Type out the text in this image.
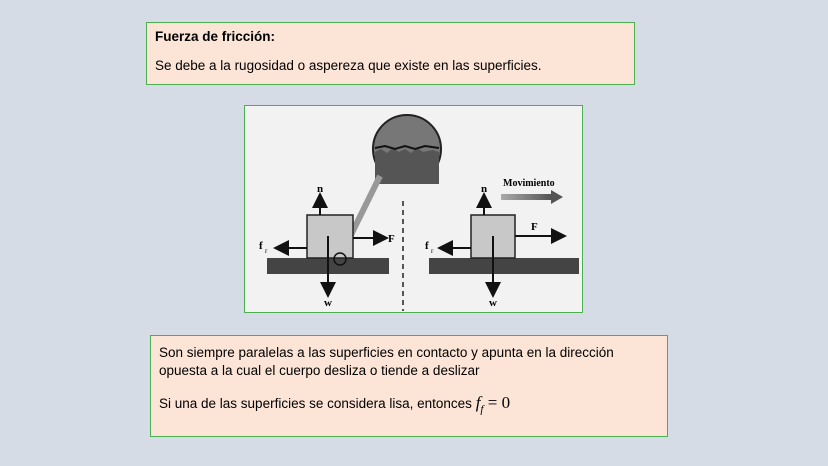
Fuerza de fricción:
Se debe a la rugosidad o aspereza que existe en las superficies.
n
F
f r
w
n
F
f r
w
Movimiento
Son siempre paralelas a las superficies en contacto y apunta en la dirección opuesta a la cual el cuerpo desliza o tiende a deslizar
Si una de las superficies se considera lisa, entonces $f_f = 0$
